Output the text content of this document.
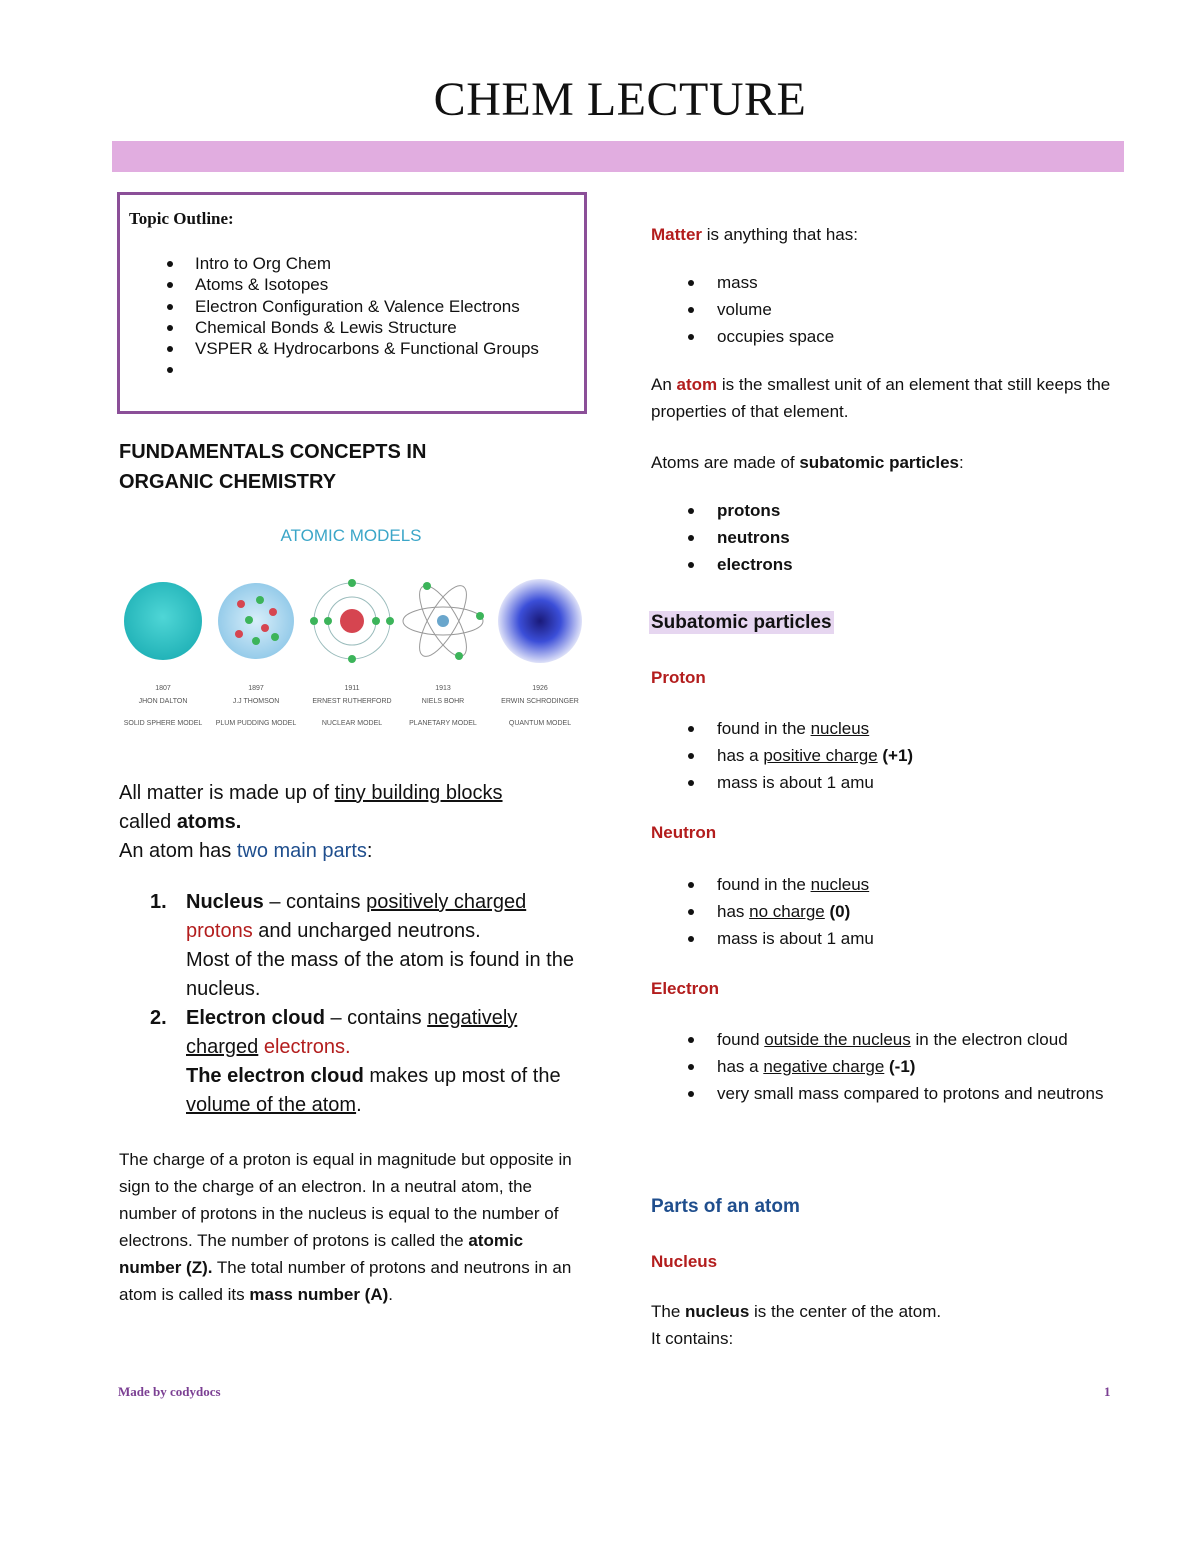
CHEM LECTURE
Topic Outline:
Intro to Org Chem
Atoms & Isotopes
Electron Configuration & Valence Electrons
Chemical Bonds & Lewis Structure
VSPER & Hydrocarbons & Functional Groups
FUNDAMENTALS CONCEPTS IN
ORGANIC CHEMISTRY
ATOMIC MODELS
1807
JHON DALTON
SOLID SPHERE MODEL
1897
J.J THOMSON
PLUM PUDDING MODEL
1911
ERNEST RUTHERFORD
NUCLEAR MODEL
1913
NIELS BOHR
PLANETARY MODEL
1926
ERWIN SCHRODINGER
QUANTUM MODEL
All matter is made up of tiny building blocks
called atoms.
An atom has two main parts:
1. Nucleus – contains positively charged protons and uncharged neutrons.
Most of the mass of the atom is found in the nucleus.
2. Electron cloud – contains negatively charged electrons.
The electron cloud makes up most of the volume of the atom.
The charge of a proton is equal in magnitude but opposite in sign to the charge of an electron. In a neutral atom, the number of protons in the nucleus is equal to the number of electrons. The number of protons is called the atomic number (Z). The total number of protons and neutrons in an atom is called its mass number (A).
Matter is anything that has:
mass
volume
occupies space
An atom is the smallest unit of an element that still keeps the properties of that element.
Atoms are made of subatomic particles:
protons
neutrons
electrons
Subatomic particles
Proton
found in the nucleus
has a positive charge (+1)
mass is about 1 amu
Neutron
found in the nucleus
has no charge (0)
mass is about 1 amu
Electron
found outside the nucleus in the electron cloud
has a negative charge (-1)
very small mass compared to protons and neutrons
Parts of an atom
Nucleus
The nucleus is the center of the atom.
It contains:
Made by codydocs	1
